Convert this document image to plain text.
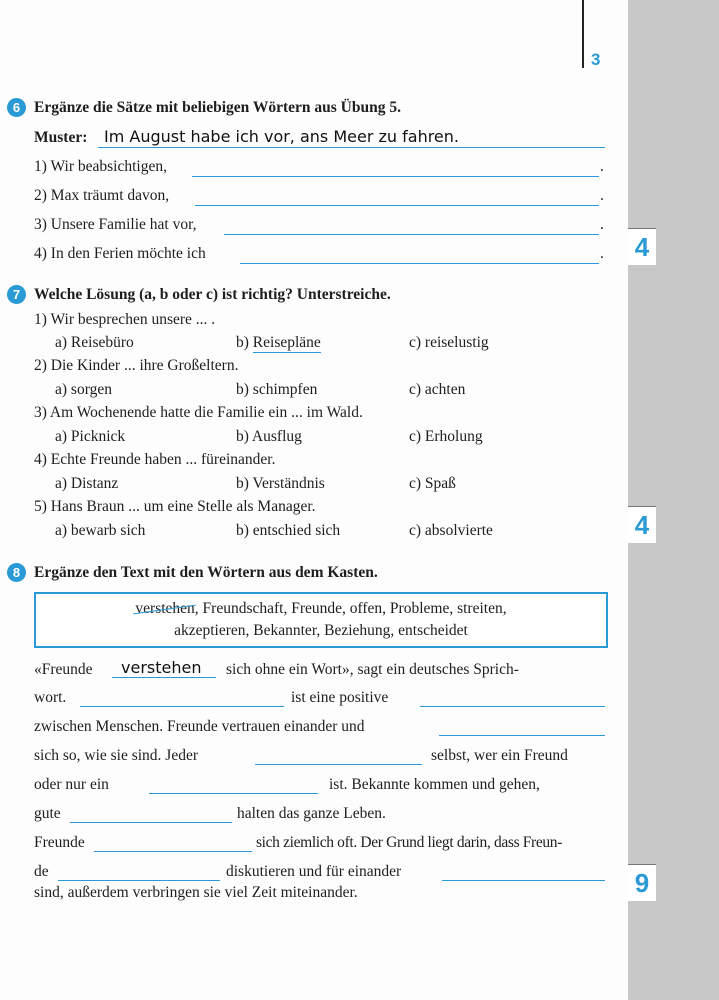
4
4
9
3
6 Ergänze die Sätze mit beliebigen Wörtern aus Übung 5.
Muster: Im August habe ich vor, ans Meer zu fahren.
1) Wir beabsichtigen,	.
2) Max träumt davon,	.
3) Unsere Familie hat vor,	.
4) In den Ferien möchte ich	.
7 Welche Lösung (a, b oder c) ist richtig? Unterstreiche.
1) Wir besprechen unsere ... .
a) Reisebüro	b) Reisepläne	c) reiselustig
2) Die Kinder ... ihre Großeltern.
a) sorgen	b) schimpfen	c) achten
3) Am Wochenende hatte die Familie ein ... im Wald.
a) Picknick	b) Ausflug	c) Erholung
4) Echte Freunde haben ... füreinander.
a) Distanz	b) Verständnis	c) Spaß
5) Hans Braun ... um eine Stelle als Manager.
a) bewarb sich	b) entschied sich	c) absolvierte
8 Ergänze den Text mit den Wörtern aus dem Kasten.
verstehen, Freundschaft, Freunde, offen, Probleme, streiten,
akzeptieren, Bekannter, Beziehung, entscheidet
«Freunde verstehen sich ohne ein Wort», sagt ein deutsches Sprich-
wort.	ist eine positive
zwischen Menschen. Freunde vertrauen einander und
sich so, wie sie sind. Jeder	selbst, wer ein Freund
oder nur ein	ist. Bekannte kommen und gehen,
gute	halten das ganze Leben.
Freunde	sich ziemlich oft. Der Grund liegt darin, dass Freun-
de	diskutieren und für einander
sind, außerdem verbringen sie viel Zeit miteinander.
